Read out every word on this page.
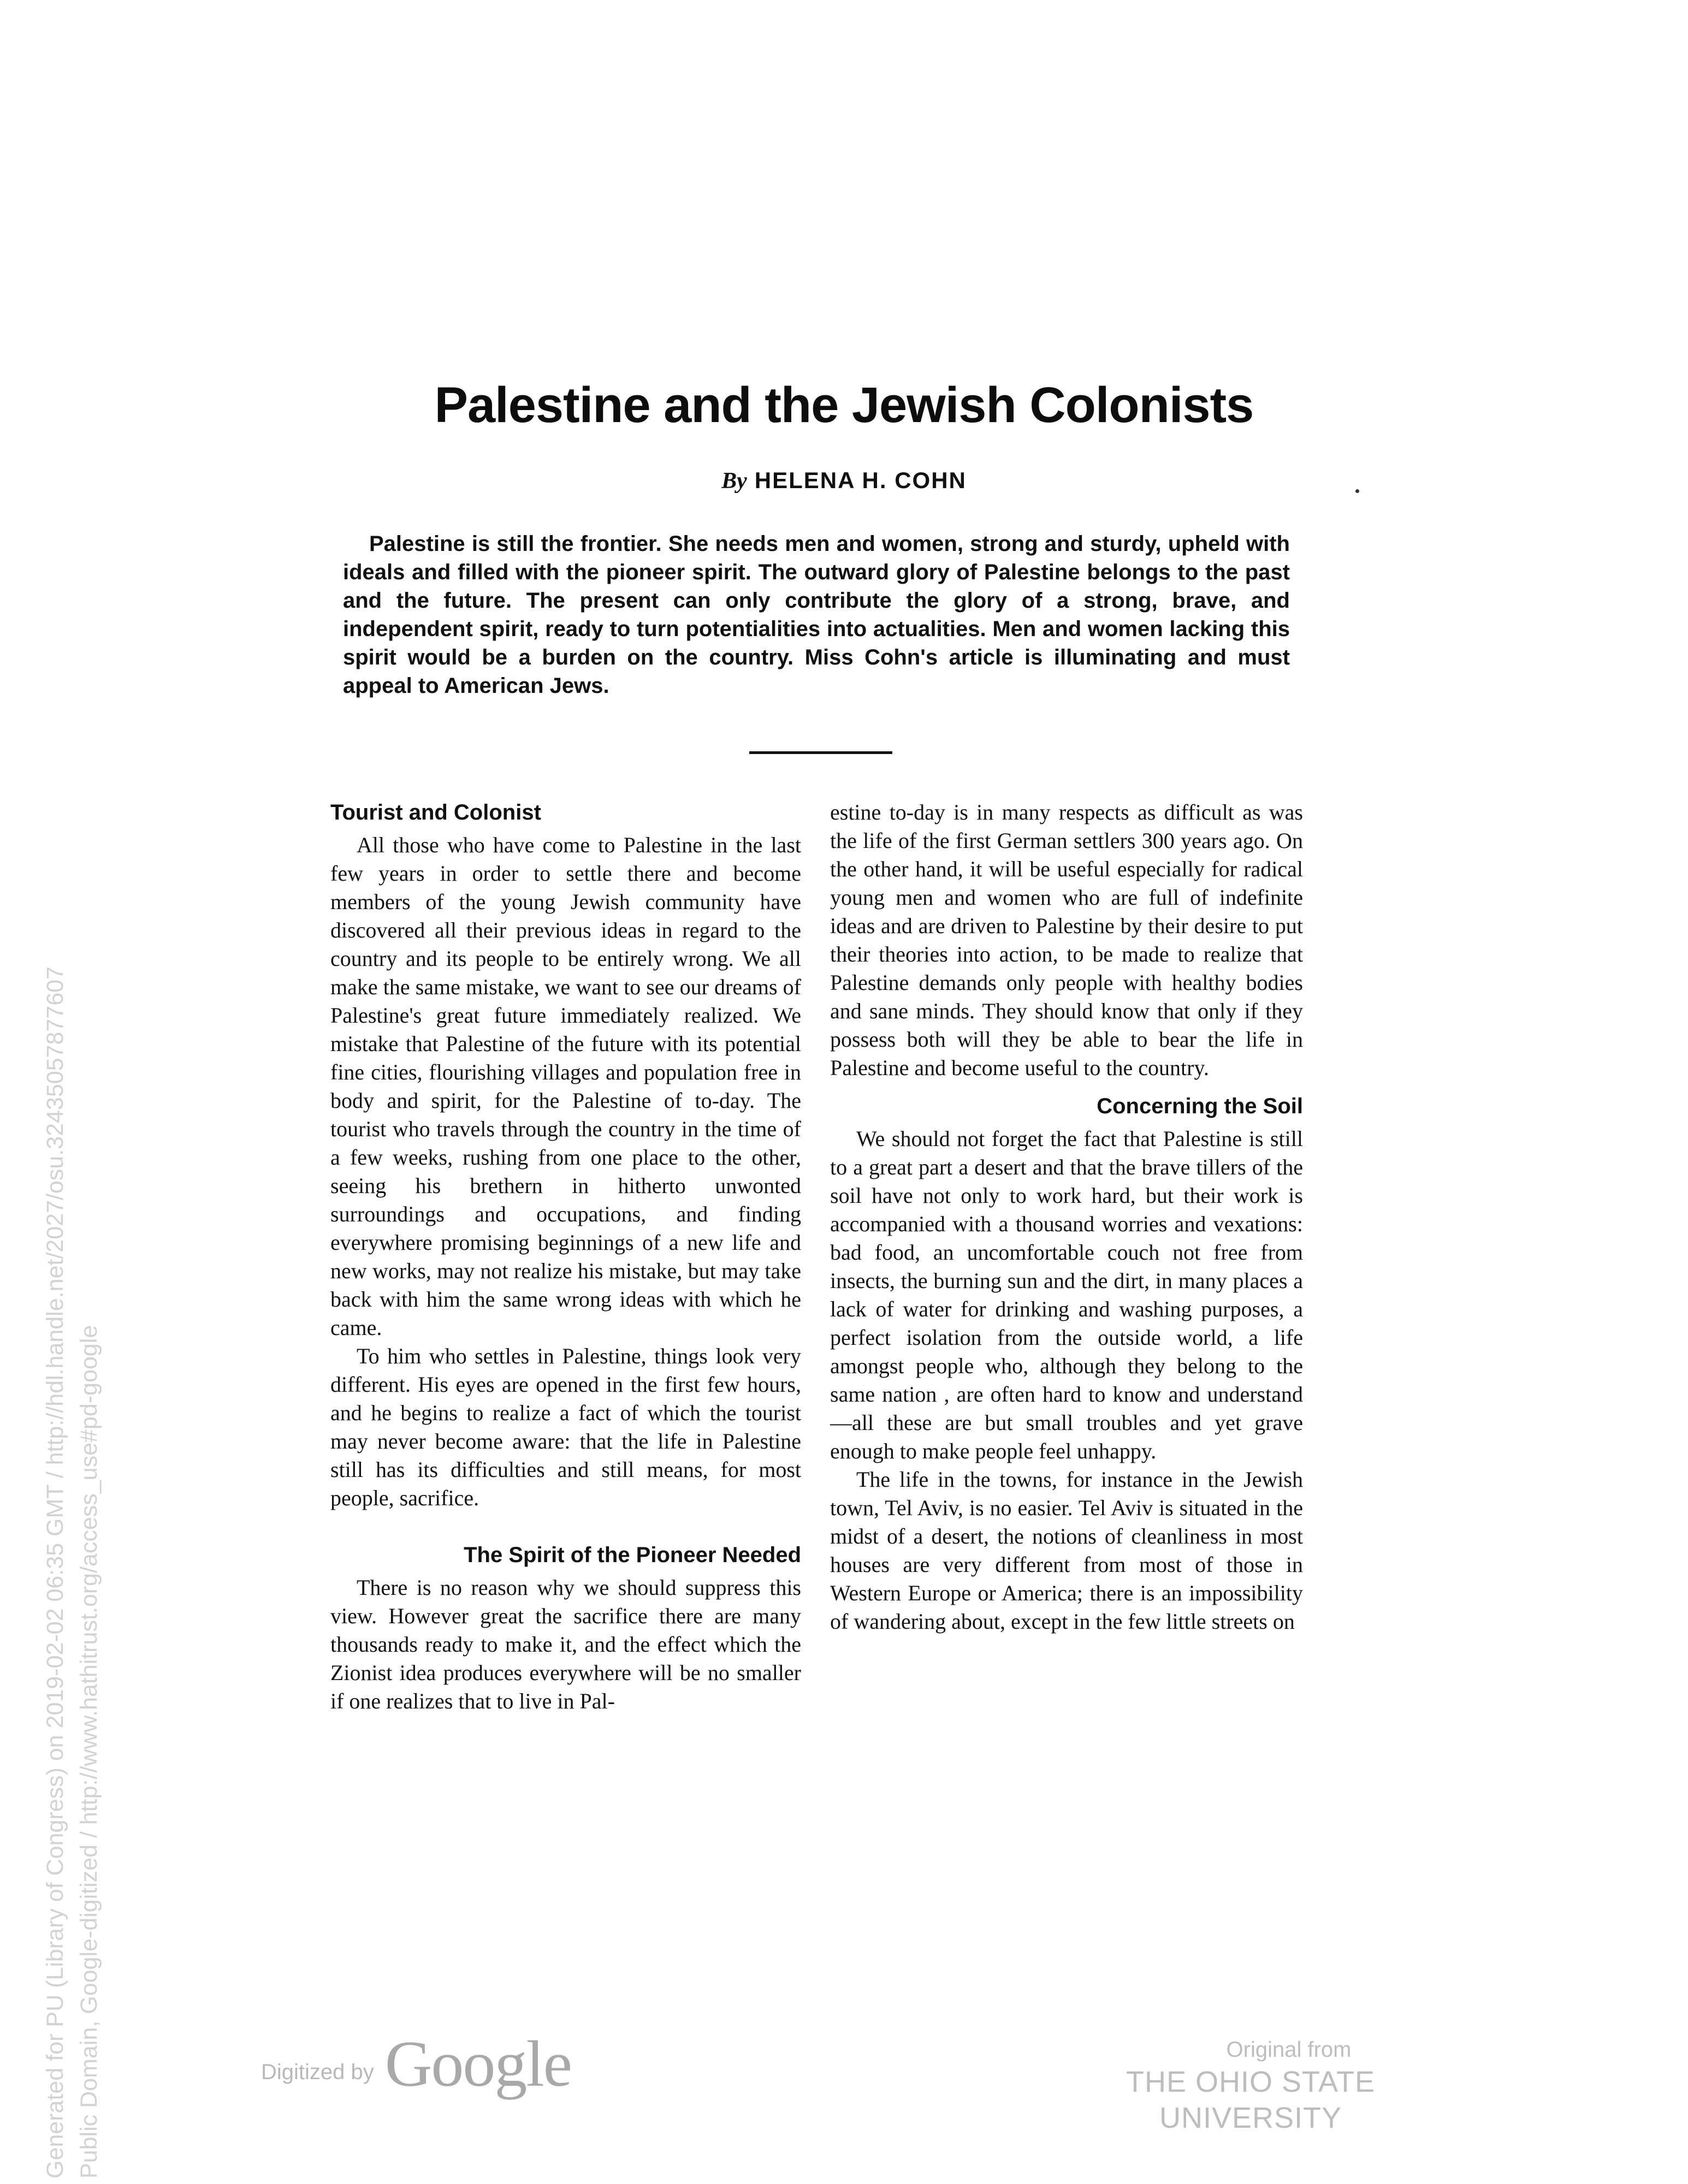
Palestine and the Jewish Colonists
By HELENA H. COHN

Palestine is still the frontier. She needs men and women, strong and sturdy, upheld with ideals and filled with the pioneer spirit. The outward glory of Palestine belongs to the past and the future. The present can only contribute the glory of a strong, brave, and independent spirit, ready to turn potentialities into actualities. Men and women lacking this spirit would be a burden on the country. Miss Cohn's article is illuminating and must appeal to American Jews.

Tourist and Colonist

All those who have come to Palestine in the last few years in order to settle there and become members of the young Jewish community have discovered all their previous ideas in regard to the country and its people to be entirely wrong. We all make the same mistake, we want to see our dreams of Palestine's great future immediately realized. We mistake that Palestine of the future with its potential fine cities, flourishing villages and population free in body and spirit, for the Palestine of to-day. The tourist who travels through the country in the time of a few weeks, rushing from one place to the other, seeing his brethern in hitherto unwonted surroundings and occupations, and finding everywhere promising beginnings of a new life and new works, may not realize his mistake, but may take back with him the same wrong ideas with which he came.

To him who settles in Palestine, things look very different. His eyes are opened in the first few hours, and he begins to realize a fact of which the tourist may never become aware: that the life in Palestine still has its difficulties and still means, for most people, sacrifice.

The Spirit of the Pioneer Needed

There is no reason why we should suppress this view. However great the sacrifice there are many thousands ready to make it, and the effect which the Zionist idea produces everywhere will be no smaller if one realizes that to live in Pal-

estine to-day is in many respects as difficult as was the life of the first German settlers 300 years ago. On the other hand, it will be useful especially for radical young men and women who are full of indefinite ideas and are driven to Palestine by their desire to put their theories into action, to be made to realize that Palestine demands only people with healthy bodies and sane minds. They should know that only if they possess both will they be able to bear the life in Palestine and become useful to the country.

Concerning the Soil

We should not forget the fact that Palestine is still to a great part a desert and that the brave tillers of the soil have not only to work hard, but their work is accompanied with a thousand worries and vexations: bad food, an uncomfortable couch not free from insects, the burning sun and the dirt, in many places a lack of water for drinking and washing purposes, a perfect isolation from the outside world, a life amongst people who, although they belong to the same nation , are often hard to know and understand—all these are but small troubles and yet grave enough to make people feel unhappy.

The life in the towns, for instance in the Jewish town, Tel Aviv, is no easier. Tel Aviv is situated in the midst of a desert, the notions of cleanliness in most houses are very different from most of those in Western Europe or America; there is an impossibility of wandering about, except in the few little streets on

Generated for PU (Library of Congress) on 2019-02-02 06:35 GMT / http://hdl.handle.net/2027/osu.32435057877607 Public Domain, Google-digitized / http://www.hathitrust.org/access_use#pd-google	Digitized by Google	Original from
THE OHIO STATE UNIVERSITY
